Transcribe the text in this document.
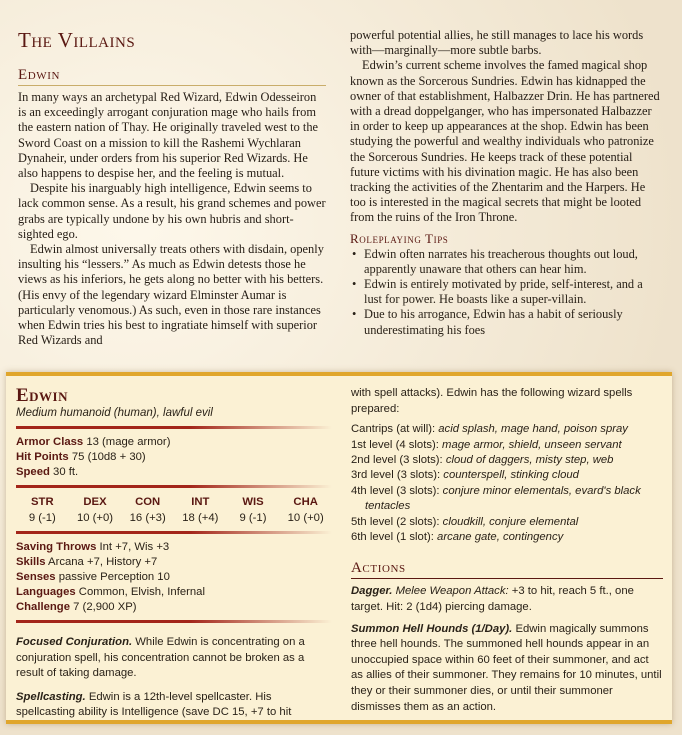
The Villains
Edwin

In many ways an archetypal Red Wizard, Edwin Odesseiron is an exceedingly arrogant conjuration mage who hails from the eastern nation of Thay. He originally traveled west to the Sword Coast on a mission to kill the Rashemi Wychlaran Dynaheir, under orders from his superior Red Wizards. He also happens to despise her, and the feeling is mutual.

Despite his inarguably high intelligence, Edwin seems to lack common sense. As a result, his grand schemes and power grabs are typically undone by his own hubris and short-sighted ego.

Edwin almost universally treats others with disdain, openly insulting his “lessers.” As much as Edwin detests those he views as his inferiors, he gets along no better with his betters. (His envy of the legendary wizard Elminster Aumar is particularly venomous.) As such, even in those rare instances when Edwin tries his best to ingratiate himself with superior Red Wizards and

powerful potential allies, he still manages to lace his words with—marginally—more subtle barbs.

Edwin’s current scheme involves the famed magical shop known as the Sorcerous Sundries. Edwin has kidnapped the owner of that establishment, Halbazzer Drin. He has partnered with a dread doppelganger, who has impersonated Halbazzer in order to keep up appearances at the shop. Edwin has been studying the powerful and wealthy individuals who patronize the Sorcerous Sundries. He keeps track of these potential future victims with his divination magic. He has also been tracking the activities of the Zhentarim and the Harpers. He too is interested in the magical secrets that might be looted from the ruins of the Iron Throne.

Roleplaying Tips
• Edwin often narrates his treacherous thoughts out loud, apparently unaware that others can hear him.
• Edwin is entirely motivated by pride, self-interest, and a lust for power. He boasts like a super-villain.
• Due to his arrogance, Edwin has a habit of seriously underestimating his foes
Edwin
Medium humanoid (human), lawful evil
Armor Class 13 (mage armor)
Hit Points 75 (10d8 + 30)
Speed 30 ft.
STR
9 (-1)
DEX
10 (+0)
CON
16 (+3)
INT
18 (+4)
WIS
9 (-1)
CHA
10 (+0)
Saving Throws Int +7, Wis +3
Skills Arcana +7, History +7
Senses passive Perception 10
Languages Common, Elvish, Infernal
Challenge 7 (2,900 XP)
Focused Conjuration. While Edwin is concentrating on a conjuration spell, his concentration cannot be broken as a result of taking damage.
Spellcasting. Edwin is a 12th-level spellcaster. His spellcasting ability is Intelligence (save DC 15, +7 to hit
with spell attacks). Edwin has the following wizard spells prepared:
Cantrips (at will): acid splash, mage hand, poison spray
1st level (4 slots): mage armor, shield, unseen servant
2nd level (3 slots): cloud of daggers, misty step, web
3rd level (3 slots): counterspell, stinking cloud
4th level (3 slots): conjure minor elementals, evard's black tentacles
5th level (2 slots): cloudkill, conjure elemental
6th level (1 slot): arcane gate, contingency
Actions
Dagger. Melee Weapon Attack: +3 to hit, reach 5 ft., one target. Hit: 2 (1d4) piercing damage.
Summon Hell Hounds (1/Day). Edwin magically summons three hell hounds. The summoned hell hounds appear in an unoccupied space within 60 feet of their summoner, and act as allies of their summoner. They remains for 10 minutes, until they or their summoner dies, or until their summoner dismisses them as an action.
